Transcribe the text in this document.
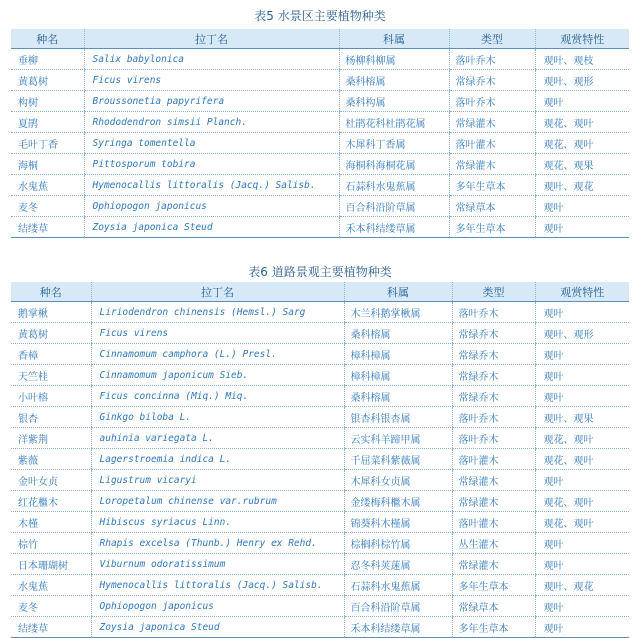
表5 水景区主要植物种类
种名	拉丁名	科属	类型	观赏特性
垂柳	Salix babylonica	杨柳科柳属	落叶乔木	观叶、观枝
黄葛树	Ficus virens	桑科榕属	常绿乔木	观叶、观形
构树	Broussonetia papyrifera	桑科构属	落叶乔木	观叶
夏鹃	Rhododendron simsii Planch.	杜鹃花科杜鹃花属	常绿灌木	观花、观叶
毛叶丁香	Syringa tomentella	木犀科丁香属	落叶灌木	观花、观叶
海桐	Pittosporum tobira	海桐科海桐花属	常绿灌木	观花、观果
水鬼蕉	Hymenocallis littoralis (Jacq.) Salisb.	石蒜科水鬼蕉属	多年生草本	观叶、观花
麦冬	Ophiopogon japonicus	百合科沿阶草属	常绿草本	观叶
结缕草	Zoysia japonica Steud	禾本科结缕草属	多年生草本	观叶
表6 道路景观主要植物种类
种名	拉丁名	科属	类型	观赏特性
鹅掌楸	Liriodendron chinensis (Hemsl.) Sarg	木兰科鹅掌楸属	落叶乔木	观叶
黄葛树	Ficus virens	桑科榕属	常绿乔木	观叶、观形
香樟	Cinnamomum camphora (L.) Presl.	樟科樟属	常绿乔木	观叶
天竺桂	Cinnamomum japonicum Sieb.	樟科樟属	常绿乔木	观叶
小叶榕	Ficus concinna (Miq.) Miq.	桑科榕属	常绿乔木	观叶
银杏	Ginkgo biloba L.	银杏科银杏属	落叶乔木	观叶、观果
洋紫荆	auhinia variegata L.	云实科羊蹄甲属	落叶乔木	观花、观叶
紫薇	Lagerstroemia indica L.	千屈菜科紫薇属	落叶灌木	观花、观叶
金叶女贞	Ligustrum vicaryi	木犀科女贞属	常绿灌木	观叶
红花檵木	Loropetalum chinense var.rubrum	金缕梅科檵木属	常绿灌木	观花、观叶
木槿	Hibiscus syriacus Linn.	锦葵科木槿属	落叶灌木	观花、观叶
棕竹	Rhapis excelsa (Thunb.) Henry ex Rehd.	棕榈科棕竹属	丛生灌木	观叶
日本珊瑚树	Viburnum odoratissimum	忍冬科荚蒾属	常绿灌木	观叶
水鬼蕉	Hymenocallis littoralis (Jacq.) Salisb.	石蒜科水鬼蕉属	多年生草本	观叶、观花
麦冬	Ophiopogon japonicus	百合科沿阶草属	常绿草本	观叶
结缕草	Zoysia japonica Steud	禾本科结缕草属	多年生草本	观叶
